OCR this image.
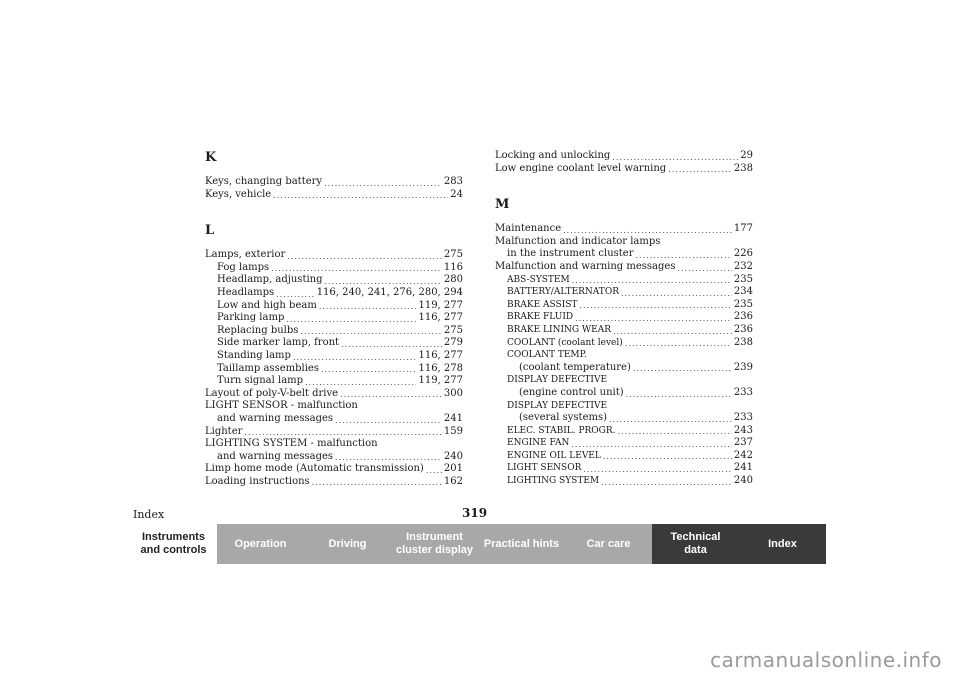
K
Keys, changing battery .....	283
Keys, vehicle .....	24
L
Lamps, exterior .....	275
Fog lamps .....	116
Headlamp, adjusting .....	280
Headlamps .....	116, 240, 241, 276, 280, 294
Low and high beam .....	119, 277
Parking lamp .....	116, 277
Replacing bulbs .....	275
Side marker lamp, front .....	279
Standing lamp .....	116, 277
Taillamp assemblies .....	116, 278
Turn signal lamp .....	119, 277
Layout of poly-V-belt drive .....	300
LIGHT SENSOR - malfunction
and warning messages .....	241
Lighter .....	159
LIGHTING SYSTEM - malfunction
and warning messages .....	240
Limp home mode (Automatic transmission) ..... 201
Loading instructions .....	162
Locking and unlocking .....	29
Low engine coolant level warning .....	238
M
Maintenance .....	177
Malfunction and indicator lamps
in the instrument cluster .....	226
Malfunction and warning messages .....	232
ABS-SYSTEM .....	235
BATTERY/ALTERNATOR .....	234
BRAKE ASSIST .....	235
BRAKE FLUID .....	236
BRAKE LINING WEAR .....	236
COOLANT (coolant level) .....	238
COOLANT TEMP.
(coolant temperature) .....	239
DISPLAY DEFECTIVE
(engine control unit) .....	233
DISPLAY DEFECTIVE
(several systems) .....	233
ELEC. STABIL. PROGR. .....	243
ENGINE FAN .....	237
ENGINE OIL LEVEL .....	242
LIGHT SENSOR .....	241
LIGHTING SYSTEM .....	240
Index	319
Instruments
and controls
Operation	Driving
Instrument
cluster display
Practical hints Car care
Technical
data
Index
carmanualsonline.info
